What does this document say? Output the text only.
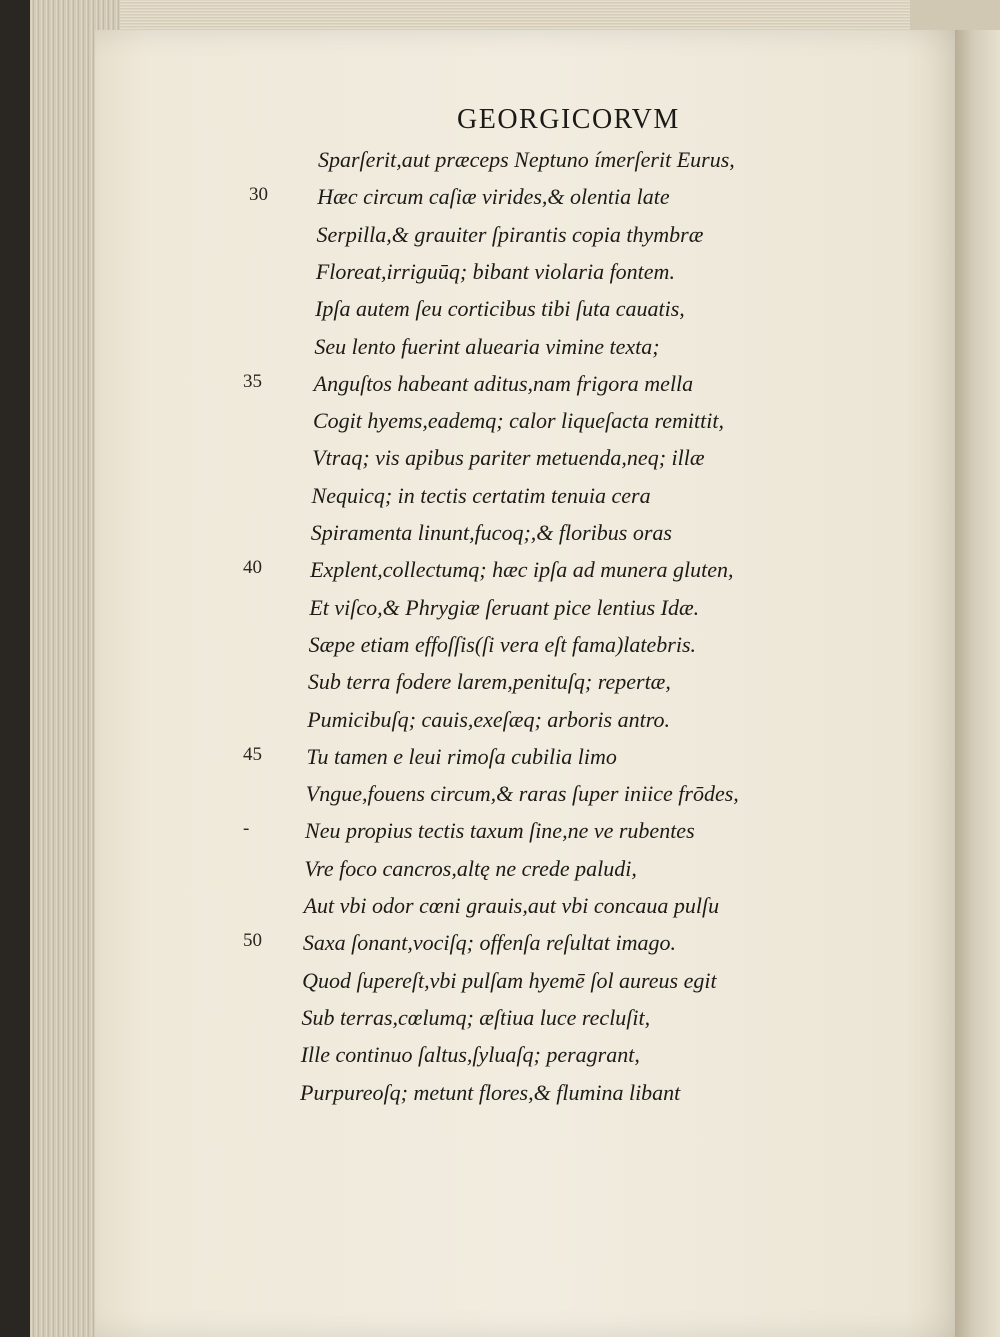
GEORGICORVM
Sparſerit,aut præceps Neptuno ímerſerit Eurus,
30 Hæc circum caſiæ virides,& olentia late
Serpilla,& grauiter ſpirantis copia thymbræ
Floreat,irriguūq; bibant violaria fontem.
Ipſa autem ſeu corticibus tibi ſuta cauatis,
Seu lento fuerint aluearia vimine texta;
35 Anguſtos habeant aditus,nam frigora mella
Cogit hyems,eademq; calor liqueſacta remittit,
Vtraq; vis apibus pariter metuenda,neq; illæ
Nequicq; in tectis certatim tenuia cera
Spiramenta linunt,fucoq;,& floribus oras
40 Explent,collectumq; hæc ipſa ad munera gluten,
Et viſco,& Phrygiæ ſeruant pice lentius Idæ.
Sæpe etiam effoſſis(ſi vera eſt fama)latebris.
Sub terra fodere larem,penituſq; repertæ,
Pumicibuſq; cauis,exeſæq; arboris antro.
45 Tu tamen e leui rimoſa cubilia limo
Vngue,fouens circum,& raras ſuper iniice frōdes,
-	Neu propius tectis taxum ſine,ne ve rubentes
Vre foco cancros,altę ne crede paludi,
Aut vbi odor cœni grauis,aut vbi concaua pulſu
50 Saxa ſonant,vociſq; offenſa reſultat imago.
Quod ſupereſt,vbi pulſam hyemē ſol aureus egit
Sub terras,cœlumq; æſtiua luce recluſit,
Ille continuo ſaltus,ſyluaſq; peragrant,
Purpureoſq; metunt flores,& flumina libant
